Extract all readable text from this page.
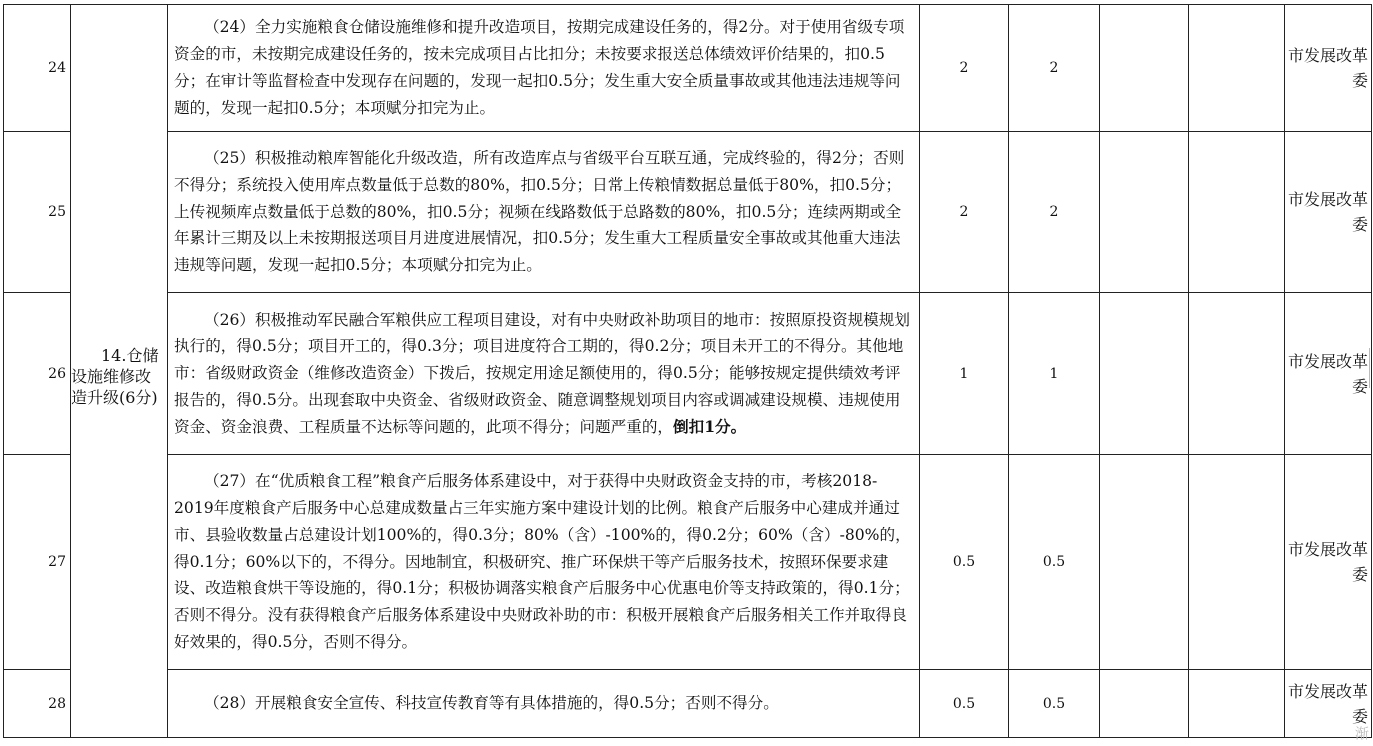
24	14.仓储设施维修改造升级(6分)	（24）全力实施粮食仓储设施维修和提升改造项目，按期完成建设任务的，得2分。对于使用省级专项资金的市，未按期完成建设任务的，按未完成项目占比扣分；未按要求报送总体绩效评价结果的，扣0.5分；在审计等监督检查中发现存在问题的，发现一起扣0.5分；发生重大安全质量事故或其他违法违规等问题的，发现一起扣0.5分；本项赋分扣完为止。	2	2			市发展改革委
25		（25）积极推动粮库智能化升级改造，所有改造库点与省级平台互联互通，完成终验的，得2分；否则不得分；系统投入使用库点数量低于总数的80%，扣0.5分；日常上传粮情数据总量低于80%，扣0.5分；上传视频库点数量低于总数的80%，扣0.5分；视频在线路数低于总路数的80%，扣0.5分；连续两期或全年累计三期及以上未按期报送项目月进度进展情况，扣0.5分；发生重大工程质量安全事故或其他重大违法违规等问题，发现一起扣0.5分；本项赋分扣完为止。	2	2			市发展改革委
26		（26）积极推动军民融合军粮供应工程项目建设，对有中央财政补助项目的地市：按照原投资规模规划执行的，得0.5分；项目开工的，得0.3分；项目进度符合工期的，得0.2分；项目未开工的不得分。其他地市：省级财政资金（维修改造资金）下拨后，按规定用途足额使用的，得0.5分；能够按规定提供绩效考评报告的，得0.5分。出现套取中央资金、省级财政资金、随意调整规划项目内容或调减建设规模、违规使用资金、资金浪费、工程质量不达标等问题的，此项不得分；问题严重的，倒扣1分。	1	1			市发展改革委
27		（27）在“优质粮食工程”粮食产后服务体系建设中，对于获得中央财政资金支持的市，考核2018-2019年度粮食产后服务中心总建成数量占三年实施方案中建设计划的比例。粮食产后服务中心建成并通过市、县验收数量占总建设计划100%的，得0.3分；80%（含）-100%的，得0.2分；60%（含）-80%的，得0.1分；60%以下的，不得分。因地制宜，积极研究、推广环保烘干等产后服务技术，按照环保要求建设、改造粮食烘干等设施的，得0.1分；积极协调落实粮食产后服务中心优惠电价等支持政策的，得0.1分；否则不得分。没有获得粮食产后服务体系建设中央财政补助的市：积极开展粮食产后服务相关工作并取得良好效果的，得0.5分，否则不得分。	0.5	0.5			市发展改革委
28		（28）开展粮食安全宣传、科技宣传教育等有具体措施的，得0.5分；否则不得分。	0.5	0.5			市发展改革委
渐
